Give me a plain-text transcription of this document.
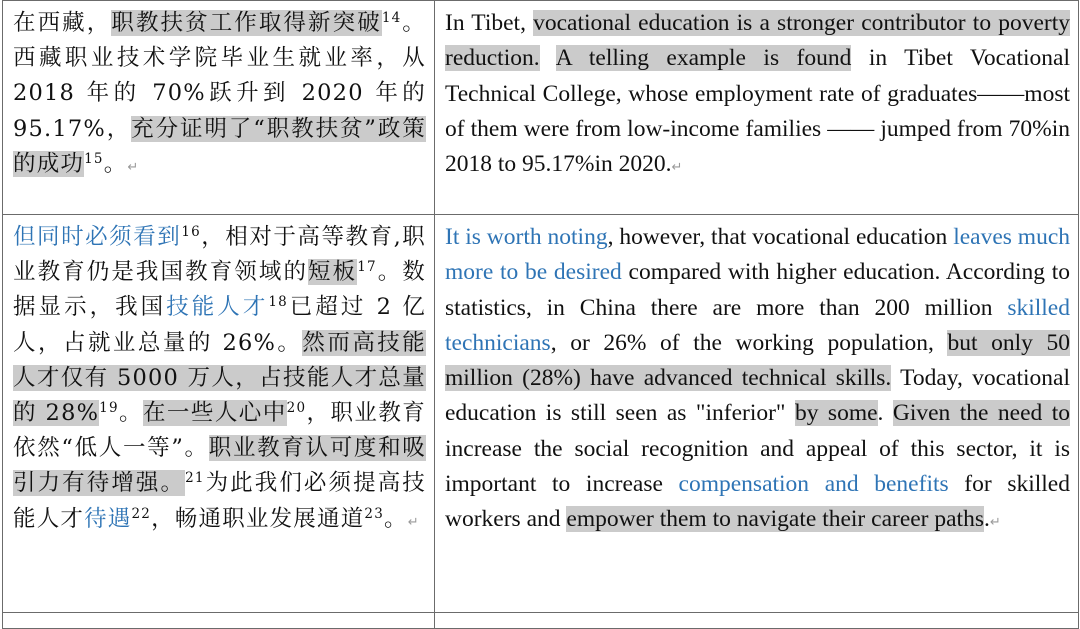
在西藏，职教扶贫工作取得新突破$^{14}$。西藏职业技术学院毕业生就业率，从 2018 年的 70%跃升到 2020 年的 95.17%，充分证明了“职教扶贫”政策的成功$^{15}$。↵	In Tibet, vocational education is a stronger contributor to poverty reduction. A telling example is found in Tibet Vocational Technical College, whose employment rate of graduates——most of them were from low-income families —— jumped from 70%in 2018 to 95.17%in 2020.↵

但同时必须看到$^{16}$，相对于高等教育,职业教育仍是我国教育领域的短板$^{17}$。数据显示，我国技能人才$^{18}$已超过 2 亿人，占就业总量的 26%。然而高技能人才仅有 5000 万人，占技能人才总量的 28%$^{19}$。在一些人心中$^{20}$，职业教育依然“低人一等”。职业教育认可度和吸引力有待增强。$^{21}$为此我们必须提高技能人才待遇$^{22}$，畅通职业发展通道$^{23}$。↵	It is worth noting, however, that vocational education leaves much more to be desired compared with higher education. According to statistics, in China there are more than 200 million skilled technicians, or 26% of the working population, but only 50 million (28%) have advanced technical skills. Today, vocational education is still seen as "inferior" by some. Given the need to increase the social recognition and appeal of this sector, it is important to increase compensation and benefits for skilled workers and empower them to navigate their career paths.↵
